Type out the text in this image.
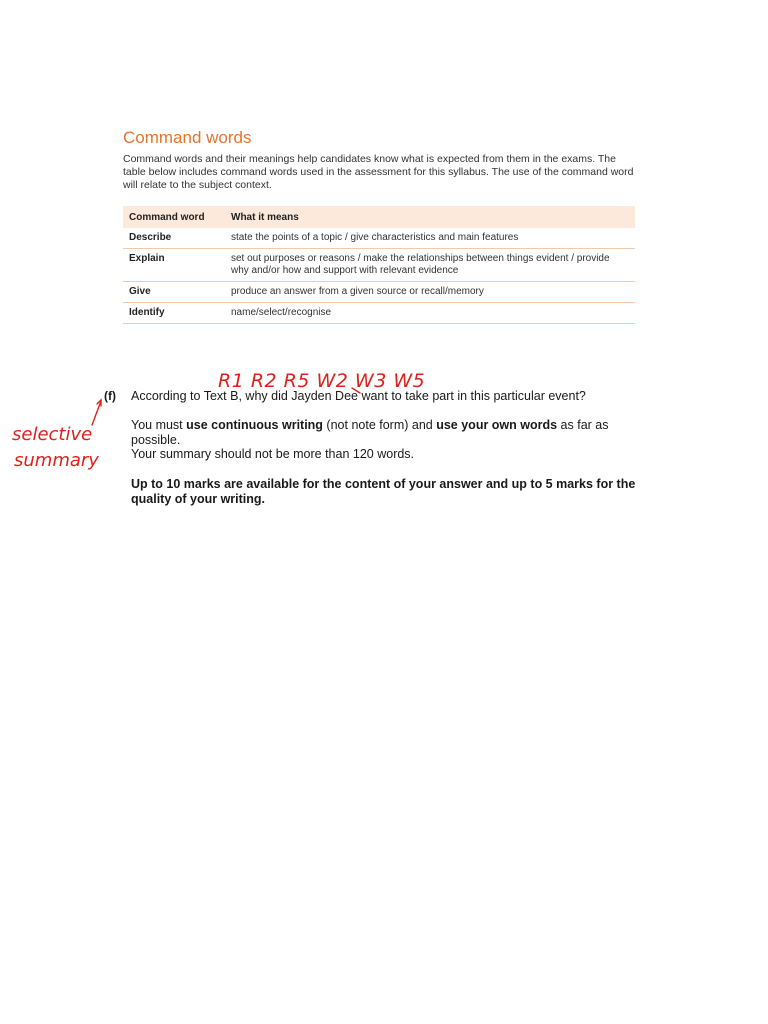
Command words

Command words and their meanings help candidates know what is expected from them in the exams. The table below includes command words used in the assessment for this syllabus. The use of the command word will relate to the subject context.

Command word	What it means
Describe	state the points of a topic / give characteristics and main features
Explain	set out purposes or reasons / make the relationships between things evident / provide why and/or how and support with relevant evidence
Give	produce an answer from a given source or recall/memory
Identify	name/select/recognise
(f) According to Text B, why did Jayden Dee want to take part in this particular event?

You must use continuous writing (not note form) and use your own words as far as possible.

Your summary should not be more than 120 words.

Up to 10 marks are available for the content of your answer and up to 5 marks for the quality of your writing.

R1 R2 R5 W2 W3 W5
selective
summary
